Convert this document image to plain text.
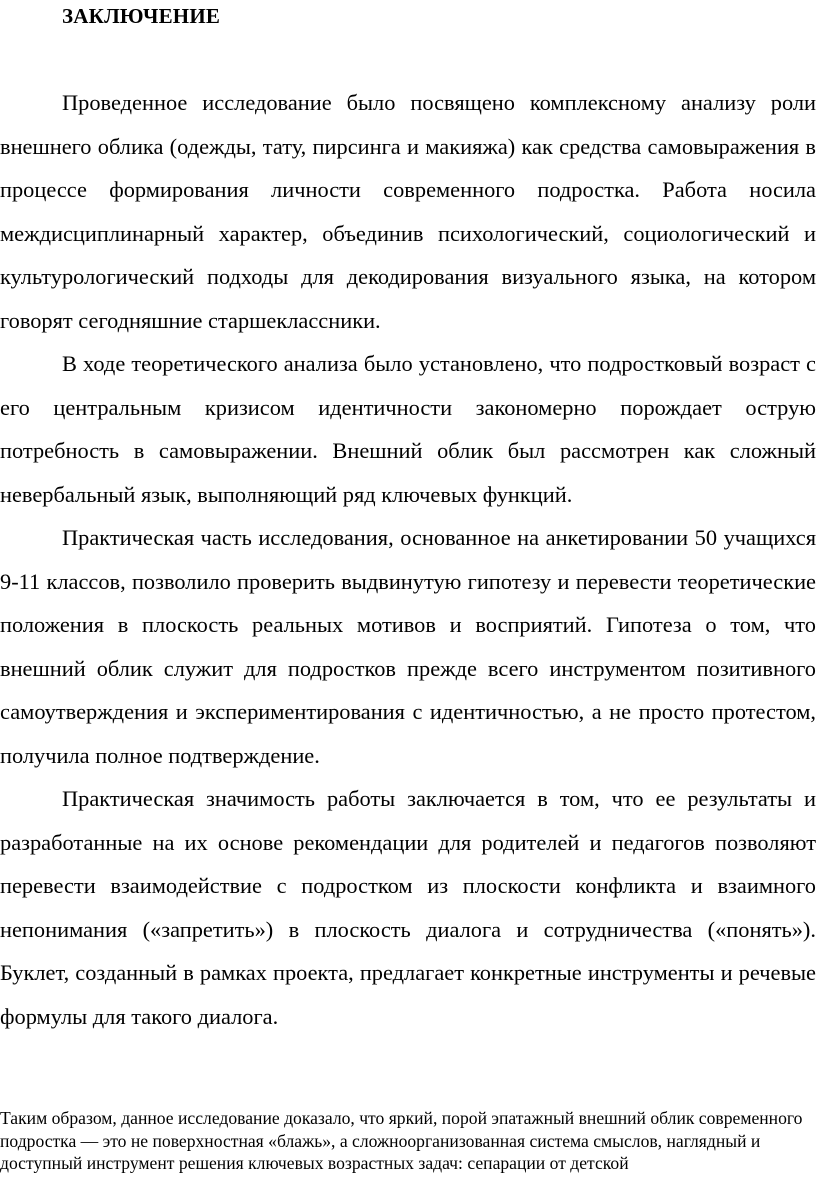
ЗАКЛЮЧЕНИЕ

Проведенное исследование было посвящено комплексному анализу роли внешнего облика (одежды, тату, пирсинга и макияжа) как средства самовыражения в процессе формирования личности современного подростка. Работа носила междисциплинарный характер, объединив психологический, социологический и культурологический подходы для декодирования визуального языка, на котором говорят сегодняшние старшеклассники.

В ходе теоретического анализа было установлено, что подростковый возраст с его центральным кризисом идентичности закономерно порождает острую потребность в самовыражении. Внешний облик был рассмотрен как сложный невербальный язык, выполняющий ряд ключевых функций.

Практическая часть исследования, основанное на анкетировании 50 учащихся 9-11 классов, позволило проверить выдвинутую гипотезу и перевести теоретические положения в плоскость реальных мотивов и восприятий. Гипотеза о том, что внешний облик служит для подростков прежде всего инструментом позитивного самоутверждения и экспериментирования с идентичностью, а не просто протестом, получила полное подтверждение.

Практическая значимость работы заключается в том, что ее результаты и разработанные на их основе рекомендации для родителей и педагогов позволяют перевести взаимодействие с подростком из плоскости конфликта и взаимного непонимания («запретить») в плоскость диалога и сотрудничества («понять»). Буклет, созданный в рамках проекта, предлагает конкретные инструменты и речевые формулы для такого диалога.

Таким образом, данное исследование доказало, что яркий, порой эпатажный внешний облик современного подростка — это не поверхностная «блажь», а сложноорганизованная система смыслов, наглядный и доступный инструмент решения ключевых возрастных задач: сепарации от детской
